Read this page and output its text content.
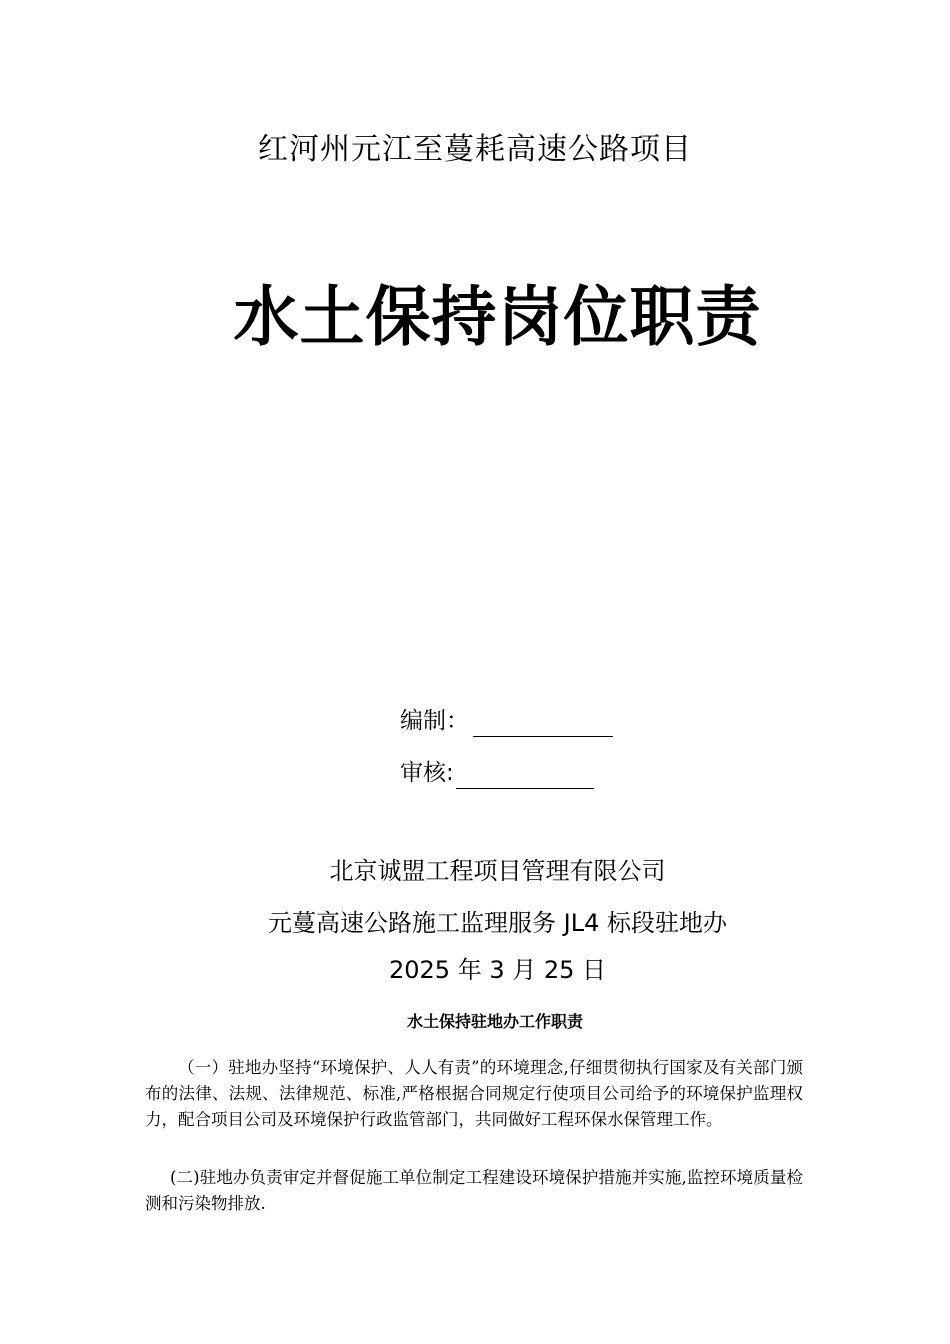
红河州元江至蔓耗高速公路项目
水土保持岗位职责
编制：
审核:
北京诚盟工程项目管理有限公司
元蔓高速公路施工监理服务 JL4 标段驻地办
2025 年 3 月 25 日
水土保持驻地办工作职责

（一）驻地办坚持“环境保护、人人有责”的环境理念,仔细贯彻执行国家及有关部门颁布的法律、法规、法律规范、标准,严格根据合同规定行使项目公司给予的环境保护监理权力，配合项目公司及环境保护行政监管部门，共同做好工程环保水保管理工作。

(二)驻地办负责审定并督促施工单位制定工程建设环境保护措施并实施,监控环境质量检测和污染物排放.
